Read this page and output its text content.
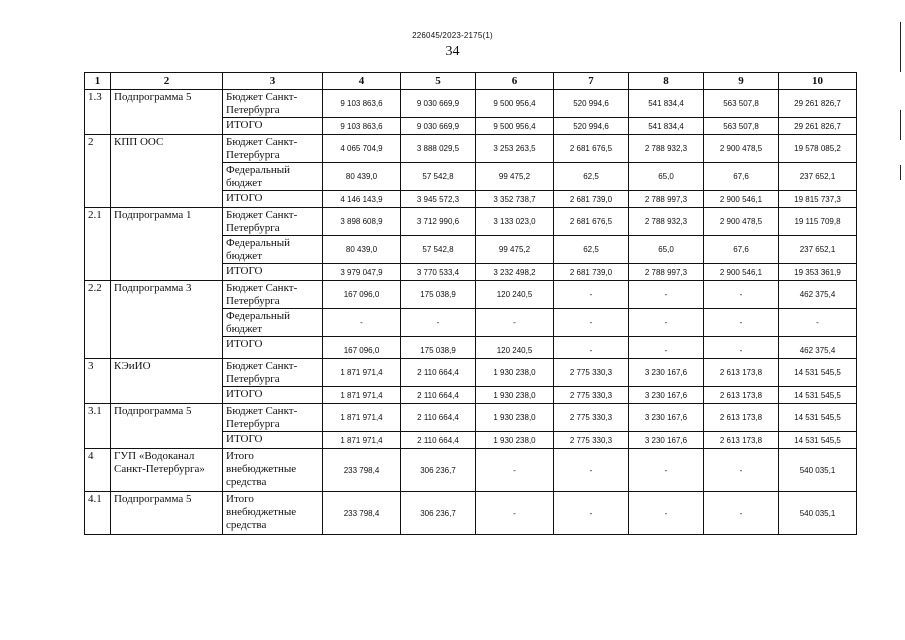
226045/2023-2175(1)
34
1	2	3	4	5	6	7	8	9	10
1.3	Подпрограмма 5	Бюджет Санкт-Петербурга	9 103 863,6	9 030 669,9	9 500 956,4	520 994,6	541 834,4	563 507,8	29 261 826,7
		ИТОГО	9 103 863,6	9 030 669,9	9 500 956,4	520 994,6	541 834,4	563 507,8	29 261 826,7
2	КПП ООС	Бюджет Санкт-Петербурга	4 065 704,9	3 888 029,5	3 253 263,5	2 681 676,5	2 788 932,3	2 900 478,5	19 578 085,2
		Федеральный бюджет	80 439,0	57 542,8	99 475,2	62,5	65,0	67,6	237 652,1
		ИТОГО	4 146 143,9	3 945 572,3	3 352 738,7	2 681 739,0	2 788 997,3	2 900 546,1	19 815 737,3
2.1	Подпрограмма 1	Бюджет Санкт-Петербурга	3 898 608,9	3 712 990,6	3 133 023,0	2 681 676,5	2 788 932,3	2 900 478,5	19 115 709,8
		Федеральный бюджет	80 439,0	57 542,8	99 475,2	62,5	65,0	67,6	237 652,1
		ИТОГО	3 979 047,9	3 770 533,4	3 232 498,2	2 681 739,0	2 788 997,3	2 900 546,1	19 353 361,9
2.2	Подпрограмма 3	Бюджет Санкт-Петербурга	167 096,0	175 038,9	120 240,5	-	-	-	462 375,4
		Федеральный бюджет	-	-	-	-	-	-	-
		ИТОГО	167 096,0	175 038,9	120 240,5	-	-	-	462 375,4
3	КЭиИО	Бюджет Санкт-Петербурга	1 871 971,4	2 110 664,4	1 930 238,0	2 775 330,3	3 230 167,6	2 613 173,8	14 531 545,5
		ИТОГО	1 871 971,4	2 110 664,4	1 930 238,0	2 775 330,3	3 230 167,6	2 613 173,8	14 531 545,5
3.1	Подпрограмма 5	Бюджет Санкт-Петербурга	1 871 971,4	2 110 664,4	1 930 238,0	2 775 330,3	3 230 167,6	2 613 173,8	14 531 545,5
		ИТОГО	1 871 971,4	2 110 664,4	1 930 238,0	2 775 330,3	3 230 167,6	2 613 173,8	14 531 545,5
4	ГУП «Водоканал Санкт-Петербурга»	Итого внебюджетные средства	233 798,4	306 236,7	-	-	-	-	540 035,1
4.1	Подпрограмма 5	Итого внебюджетные средства	233 798,4	306 236,7	-	-	-	-	540 035,1
